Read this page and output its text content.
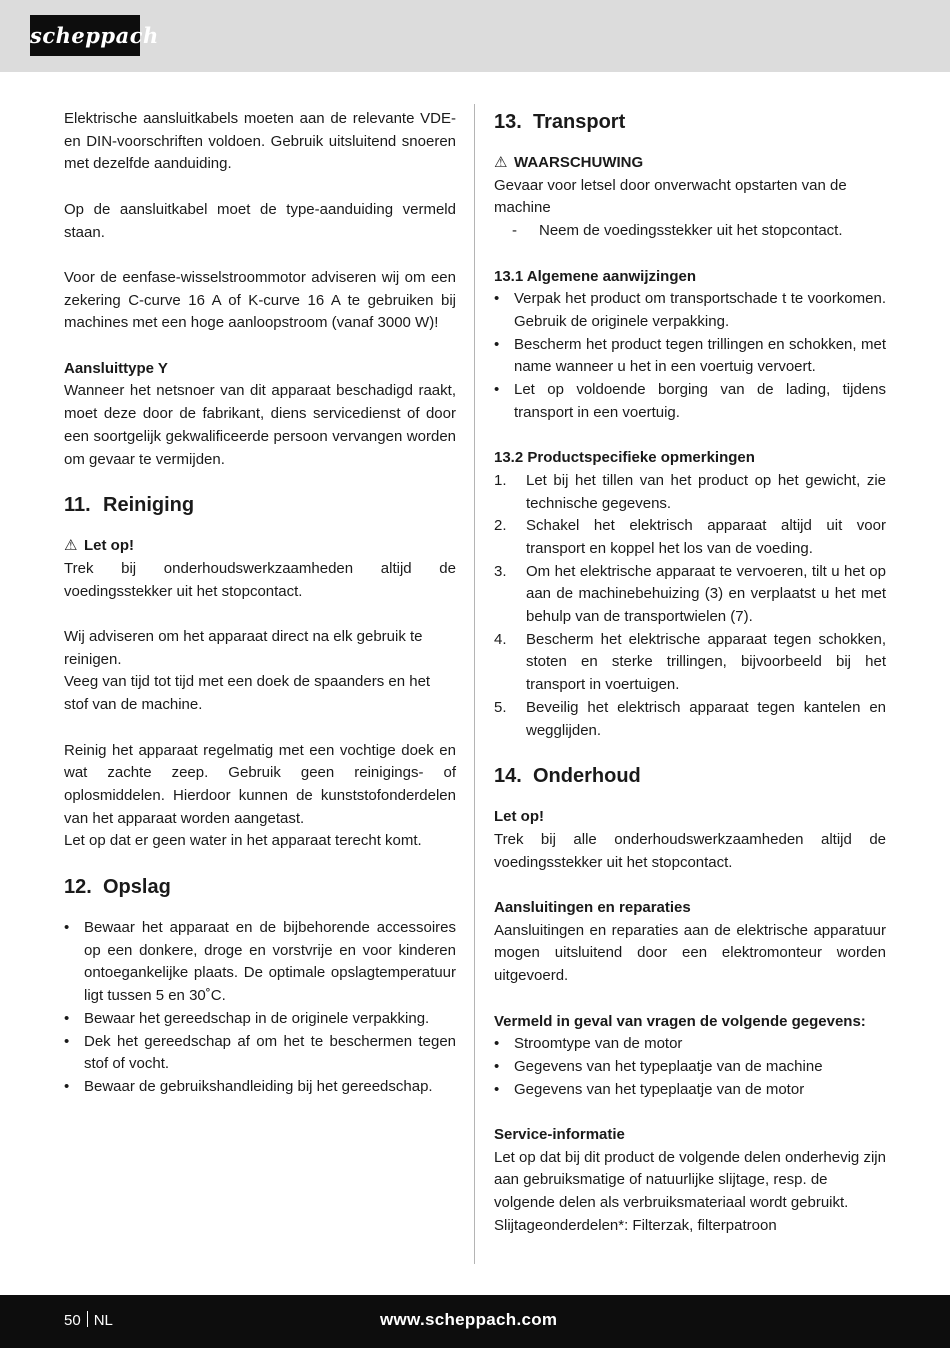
scheppach

Elektrische aansluitkabels moeten aan de relevante VDE- en DIN-voorschriften voldoen. Gebruik uitsluitend snoeren met dezelfde aanduiding.

Op de aansluitkabel moet de type-aanduiding vermeld staan.

Voor de eenfase-wisselstroommotor adviseren wij om een zekering C-curve 16 A of K-curve 16 A te gebruiken bij machines met een hoge aanloopstroom (vanaf 3000 W)!

Aansluittype Y

Wanneer het netsnoer van dit apparaat beschadigd raakt, moet deze door de fabrikant, diens servicedienst of door een soortgelijk gekwalificeerde persoon vervangen worden om gevaar te vermijden.

11. Reiniging

⚠ Let op!

Trek bij onderhoudswerkzaamheden altijd de voedingsstekker uit het stopcontact.

Wij adviseren om het apparaat direct na elk gebruik te reinigen.

Veeg van tijd tot tijd met een doek de spaanders en het stof van de machine.

Reinig het apparaat regelmatig met een vochtige doek en wat zachte zeep. Gebruik geen reinigings- of oplosmiddelen. Hierdoor kunnen de kunststofonderdelen van het apparaat worden aangetast.

Let op dat er geen water in het apparaat terecht komt.

12. Opslag
• Bewaar het apparaat en de bijbehorende accessoires op een donkere, droge en vorstvrije en voor kinderen ontoegankelijke plaats. De optimale opslagtemperatuur ligt tussen 5 en 30˚C.
• Bewaar het gereedschap in de originele verpakking.
• Dek het gereedschap af om het te beschermen tegen stof of vocht.
• Bewaar de gebruikshandleiding bij het gereedschap.
13. Transport

⚠ WAARSCHUWING

Gevaar voor letsel door onverwacht opstarten van de machine

- Neem de voedingsstekker uit het stopcontact.

13.1 Algemene aanwijzingen

• Verpak het product om transportschade t te voorkomen. Gebruik de originele verpakking.
• Bescherm het product tegen trillingen en schokken, met name wanneer u het in een voertuig vervoert.
• Let op voldoende borging van de lading, tijdens transport in een voertuig.

13.2 Productspecifieke opmerkingen

1. Let bij het tillen van het product op het gewicht, zie technische gegevens.
2. Schakel het elektrisch apparaat altijd uit voor transport en koppel het los van de voeding.
3. Om het elektrische apparaat te vervoeren, tilt u het op aan de machinebehuizing (3) en verplaatst u het met behulp van de transportwielen (7).
4. Bescherm het elektrische apparaat tegen schokken, stoten en sterke trillingen, bijvoorbeeld bij het transport in voertuigen.
5. Beveilig het elektrisch apparaat tegen kantelen en wegglijden.
14. Onderhoud

Let op!

Trek bij alle onderhoudswerkzaamheden altijd de voedingsstekker uit het stopcontact.

Aansluitingen en reparaties

Aansluitingen en reparaties aan de elektrische apparatuur mogen uitsluitend door een elektromonteur worden uitgevoerd.

Vermeld in geval van vragen de volgende gegevens:

• Stroomtype van de motor
• Gegevens van het typeplaatje van de machine
• Gegevens van het typeplaatje van de motor

Service-informatie

Let op dat bij dit product de volgende delen onderhevig zijn aan gebruiksmatige of natuurlijke slijtage, resp. de volgende delen als verbruiksmateriaal wordt gebruikt.

Slijtageonderdelen*: Filterzak, filterpatroon

50 NL	www.scheppach.com
